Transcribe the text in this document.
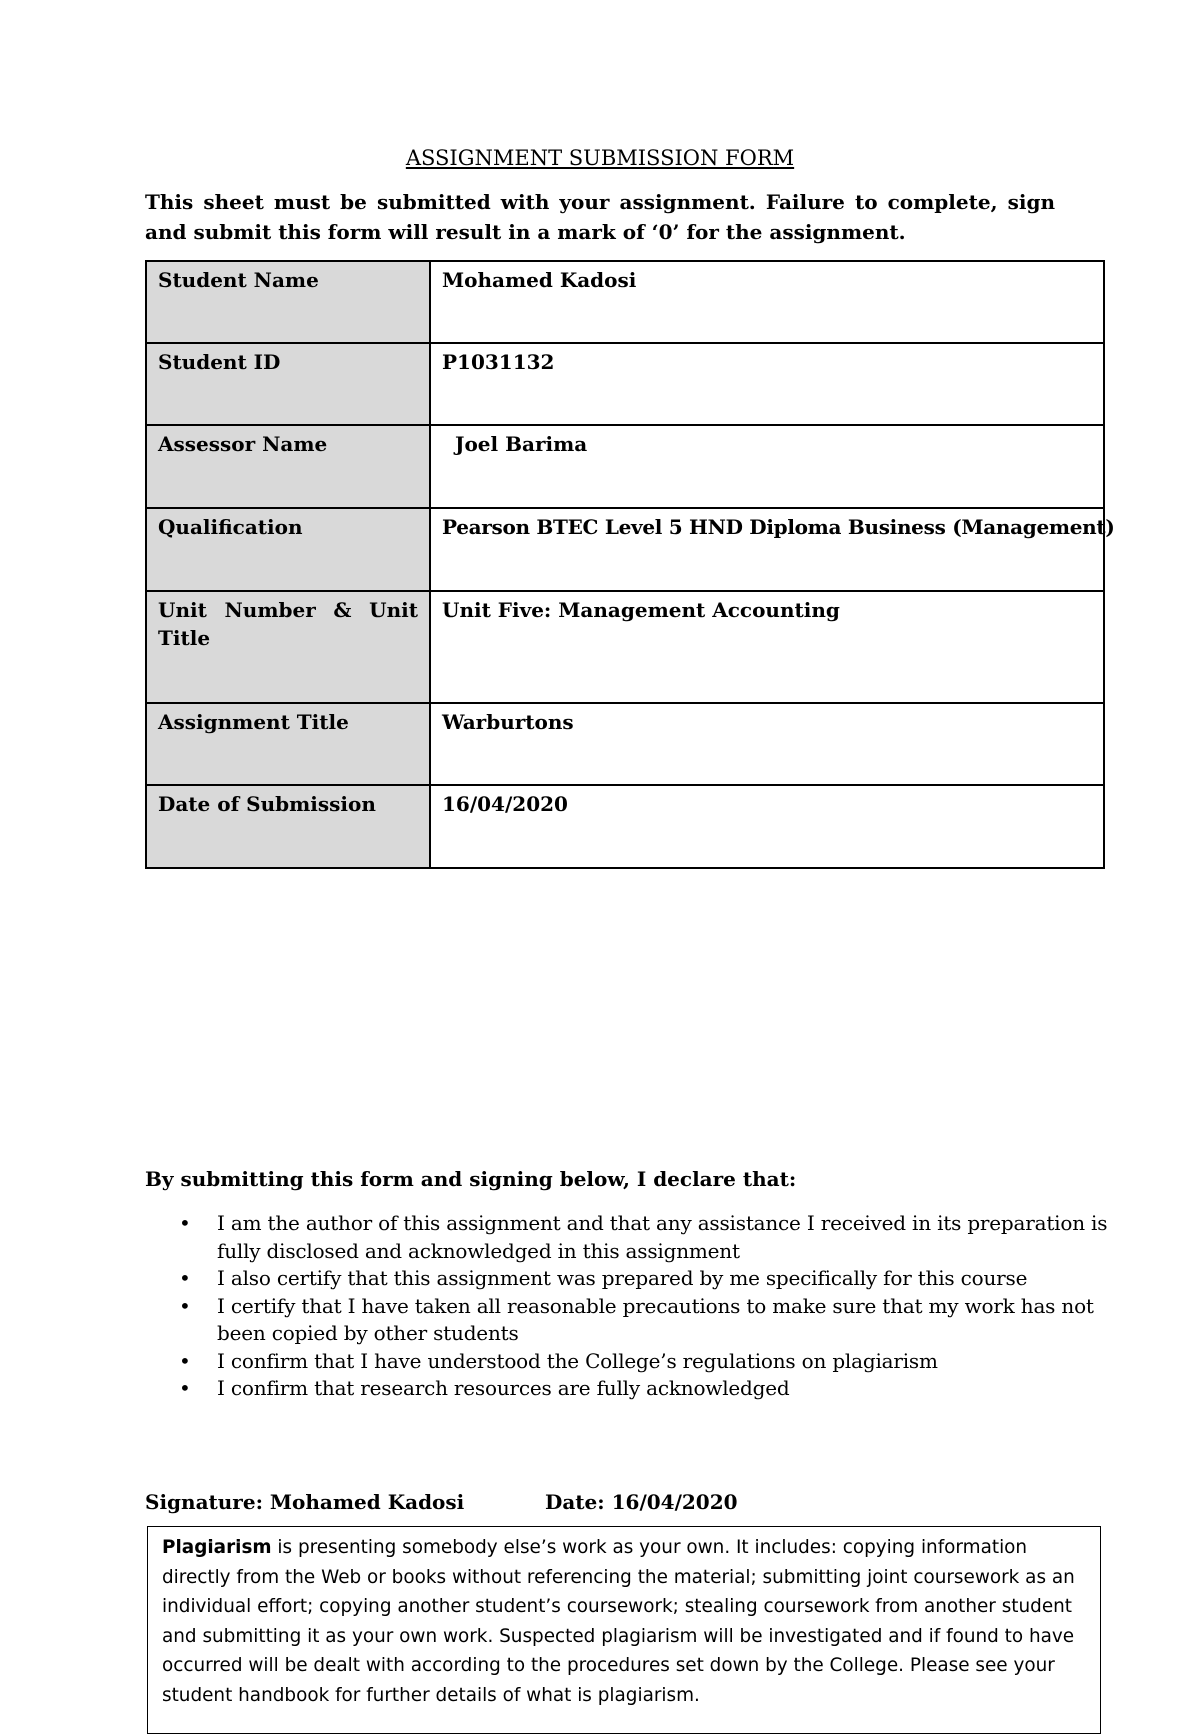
ASSIGNMENT SUBMISSION FORM
This sheet must be submitted with your assignment. Failure to complete, sign and submit this form will result in a mark of ‘0’ for the assignment.
Student Name	Mohamed Kadosi
Student ID	P1031132
Assessor Name	Joel Barima
Qualification	Pearson BTEC Level 5 HND Diploma Business (Management)
Unit Number & Unit Title	Unit Five: Management Accounting
Assignment Title	Warburtons
Date of Submission	16/04/2020
By submitting this form and signing below, I declare that:
• I am the author of this assignment and that any assistance I received in its preparation is fully disclosed and acknowledged in this assignment
• I also certify that this assignment was prepared by me specifically for this course
• I certify that I have taken all reasonable precautions to make sure that my work has not been copied by other students
• I confirm that I have understood the College’s regulations on plagiarism
• I confirm that research resources are fully acknowledged
Signature: Mohamed Kadosi	Date: 16/04/2020
Plagiarism is presenting somebody else’s work as your own. It includes: copying information directly from the Web or books without referencing the material; submitting joint coursework as an individual effort; copying another student’s coursework; stealing coursework from another student and submitting it as your own work. Suspected plagiarism will be investigated and if found to have occurred will be dealt with according to the procedures set down by the College. Please see your student handbook for further details of what is plagiarism.
